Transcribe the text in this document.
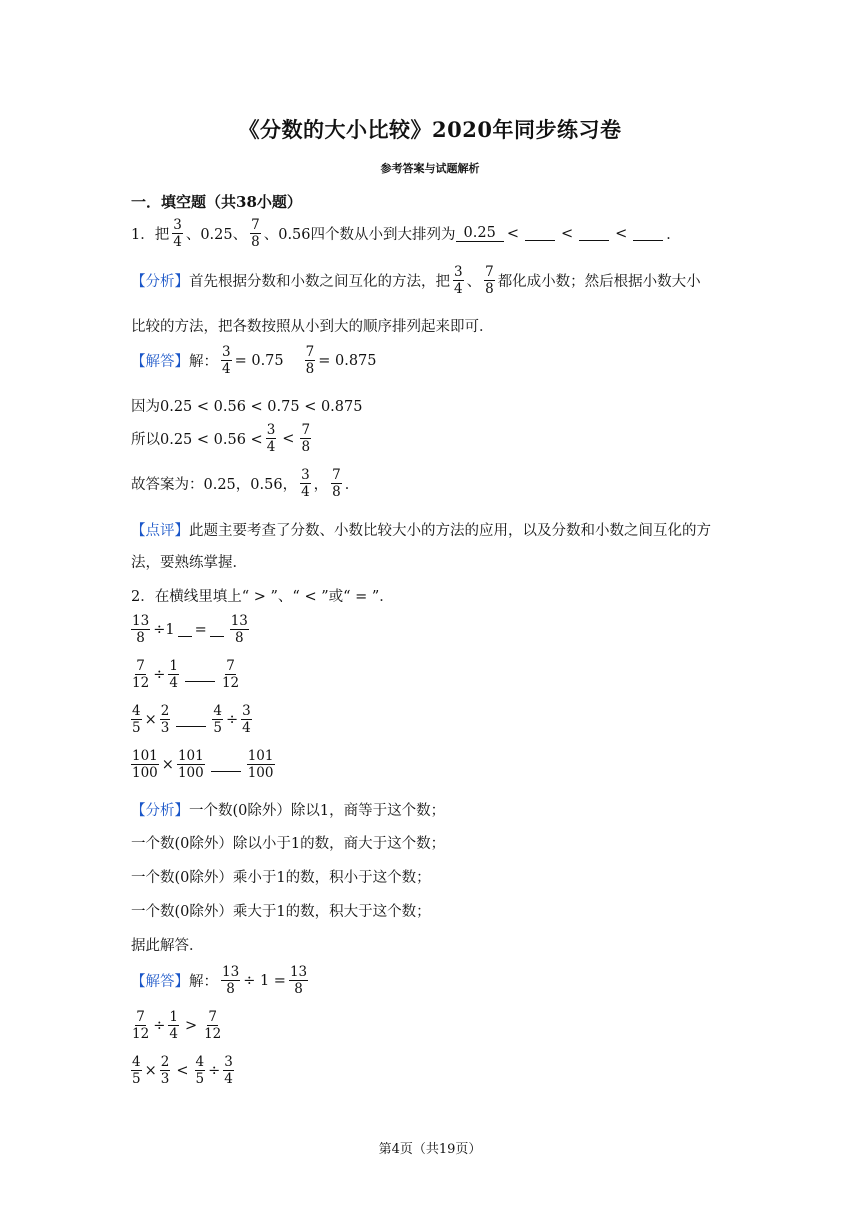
《分数的大小比较》2020年同步练习卷
参考答案与试题解析
一．填空题（共38小题）
1．把 $\frac{3}{4}$ 、0.25、 $\frac{7}{8}$ 、0.56四个数从小到大排列为 0.25 <	<	<	．
【分析】 首先根据分数和小数之间互化的方法，把 $\frac{3}{4}$ 、 $\frac{7}{8}$ 都化成小数；然后根据小数大小
比较的方法，把各数按照从小到大的顺序排列起来即可．
【解答】 解： $\frac{3}{4} = 0.75 \frac{7}{8} = 0.875$
因为0.25 < 0.56 < 0.75 < 0.875
所以$0.25 < 0.56 < \frac{3}{4} < \frac{7}{8}$
故答案为：0.25，0.56， $\frac{3}{4}$ ， $\frac{7}{8}$ ．
【点评】 此题主要考查了分数、小数比较大小的方法的应用，以及分数和小数之间互化的方
法，要熟练掌握．
2．在横线里填上“ > ”、“ < ”或“ = ”．
$\frac{13}{8} \div 1 = \frac{13}{8}$
$\frac{7}{12} \div \frac{1}{4}$	$\frac{7}{12}$
$\frac{4}{5} \times \frac{2}{3}$	$\frac{4}{5} \div \frac{3}{4}$
$\frac{101}{100} \times \frac{101}{100}$	$\frac{101}{100}$
【分析】 一个数(0除外）除以1，商等于这个数；
一个数(0除外）除以小于1的数，商大于这个数；
一个数(0除外）乘小于1的数，积小于这个数；
一个数(0除外）乘大于1的数，积大于这个数；
据此解答．
【解答】 解： $\frac{13}{8} \div 1 = \frac{13}{8}$
$\frac{7}{12} \div \frac{1}{4} > \frac{7}{12}$
$\frac{4}{5} \times \frac{2}{3} < \frac{4}{5} \div \frac{3}{4}$
第4页（共19页）
